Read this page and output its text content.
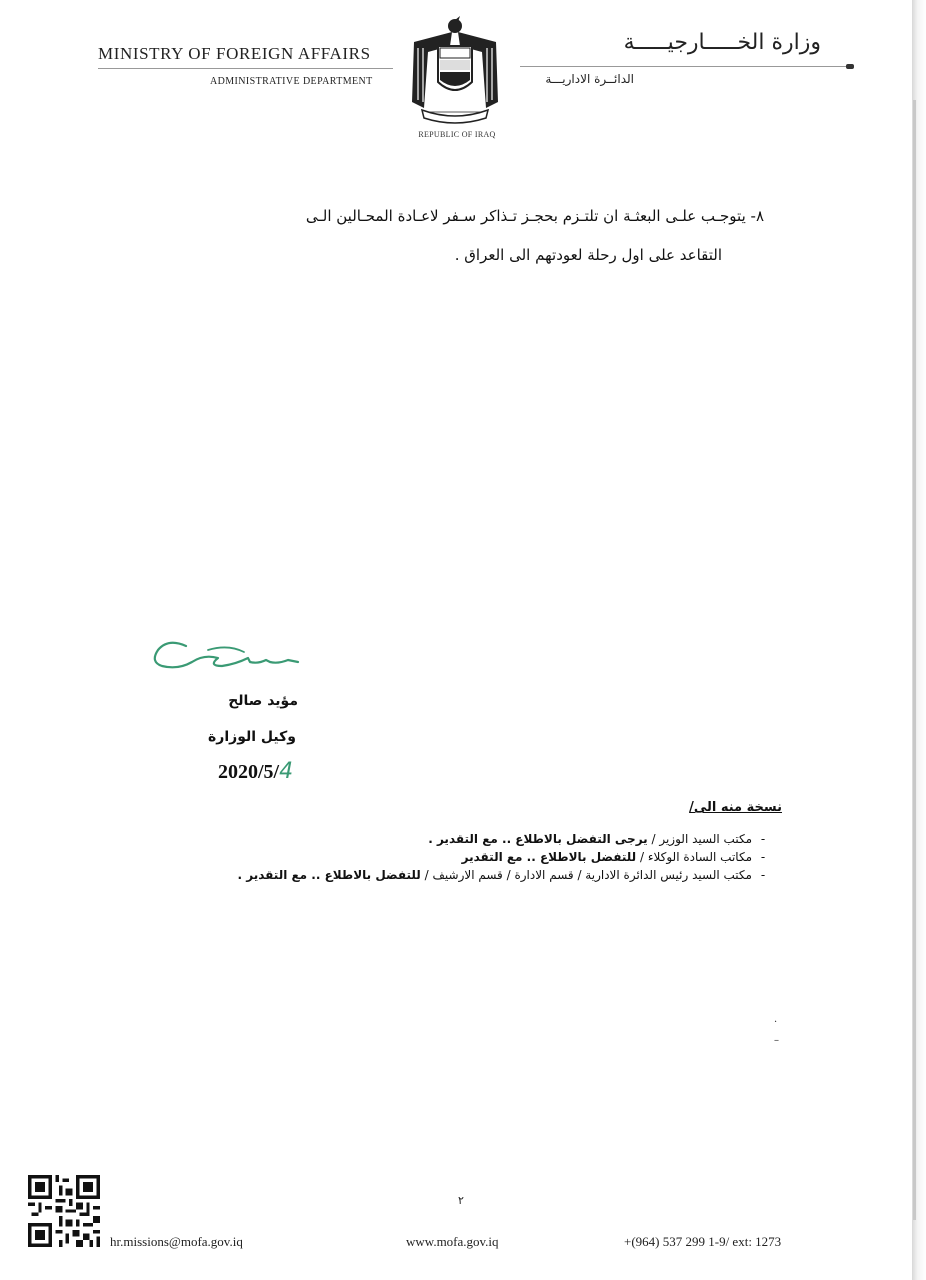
MINISTRY OF FOREIGN AFFAIRS
ADMINISTRATIVE DEPARTMENT
REPUBLIC OF IRAQ
وزارة الخـــــارجيـــــة
الدائــرة الاداريـــة
٨- يتوجـب علـى البعثـة ان تلتـزم بحجـز تـذاكر سـفر لاعـادة المحـالين الـى
التقاعد على اول رحلة لعودتهم الى العراق .
مؤيد صالح
وكيل الوزارة
2020/5/4
نسخة منه الى/
-مكتب السيد الوزير / يرجى التفضل بالاطلاع .. مع التقدير .
-مكاتب السادة الوكلاء / للتفضل بالاطلاع .. مع التقدير
-مكتب السيد رئيس الدائرة الادارية / قسم الادارة / قسم الارشيف / للتفضل بالاطلاع .. مع التقدير .
·
–
٢
hr.missions@mofa.gov.iq	www.mofa.gov.iq	+(964) 537 299 1-9/ ext: 1273
